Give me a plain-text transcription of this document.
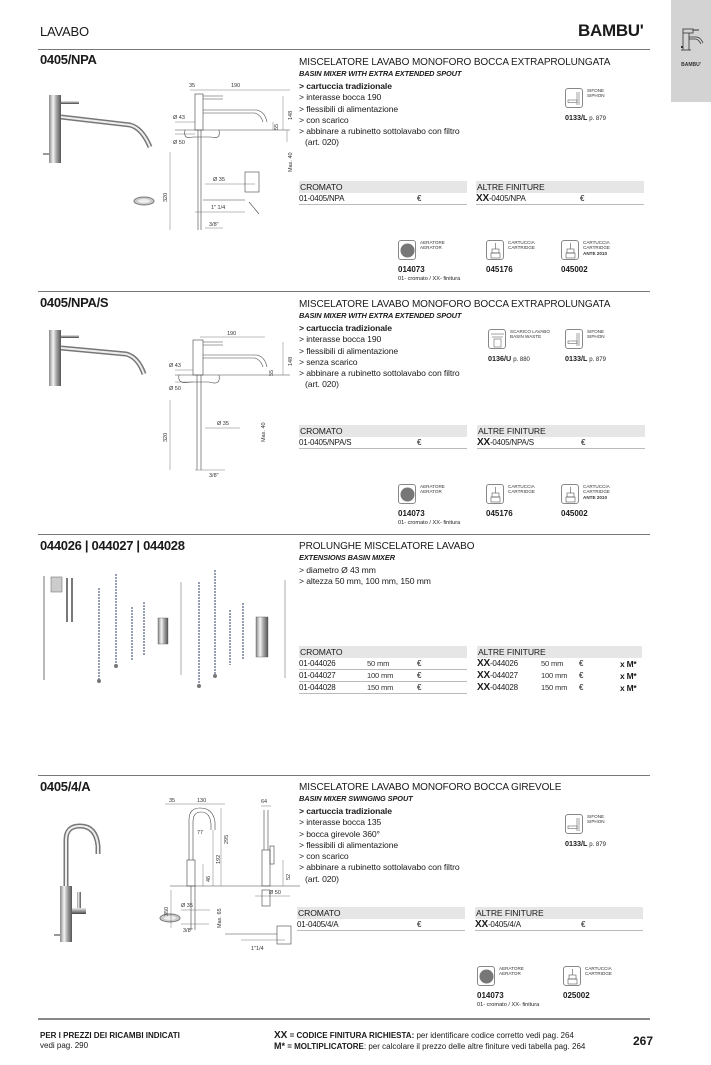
LAVABO	BAMBU'
BAMBU'
0405/NPA
35	190
Ø 43	148
Ø 50
55
320
Max. 40
Ø 35
1" 1/4
3/8"
MISCELATORE LAVABO MONOFORO BOCCA EXTRAPROLUNGATA
BASIN MIXER WITH EXTRA EXTENDED SPOUT
> cartuccia tradizionale
> interasse bocca 190
> flessibili di alimentazione
> con scarico
> abbinare a rubinetto sottolavabo con filtro
(art. 020)
SIFONE
SIPHON
0133/L p. 879
CROMATO
01-0405/NPA	€
ALTRE FINITURE
XX-0405/NPA	€
AERATORE
AERATOR
014073
01- cromato / XX- finitura
CARTUCCIA
CARTRIDGE
045176
CARTUCCIA
CARTRIDGE
ANTE 2010
045002
0405/NPA/S
190
Ø 43	148
Ø 50
55
320	Max. 40
Ø 35
3/8"
MISCELATORE LAVABO MONOFORO BOCCA EXTRAPROLUNGATA
BASIN MIXER WITH EXTRA EXTENDED SPOUT
> cartuccia tradizionale
> interasse bocca 190
> flessibili di alimentazione
> senza scarico
> abbinare a rubinetto sottolavabo con filtro
(art. 020)
SCARICO LAVABO
BASIN WASTE
0136/U p. 880
SIFONE
SIPHON
0133/L p. 879
CROMATO
01-0405/NPA/S	€
ALTRE FINITURE
XX-0405/NPA/S	€
AERATORE
AERATOR
014073
01- cromato / XX- finitura
CARTUCCIA
CARTRIDGE
045176
CARTUCCIA
CARTRIDGE
ANTE 2010
045002
044026 | 044027 | 044028	PROLUNGHE MISCELATORE LAVABO
EXTENSIONS BASIN MIXER
> diametro Ø 43 mm
> altezza 50 mm, 100 mm, 150 mm
CROMATO
01-044026	50 mm	€
01-044027	100 mm	€
01-044028	150 mm	€
ALTRE FINITURE
XX-044026	50 mm €	x M*
XX-044027	100 mm €	x M*
XX-044028	150 mm €	x M*
0405/4/A
35	130
77
295
192
46
64
52
350
Ø 35
Ø 50
Max. 65
3/8"
1"1/4
MISCELATORE LAVABO MONOFORO BOCCA GIREVOLE
BASIN MIXER SWINGING SPOUT
> cartuccia tradizionale
> interasse bocca 135
> bocca girevole 360°
> flessibili di alimentazione
> con scarico
> abbinare a rubinetto sottolavabo con filtro
(art. 020)
SIFONE
SIPHON
0133/L p. 879
CROMATO
01-0405/4/A	€
ALTRE FINITURE
XX-0405/4/A	€
AERATORE
AERATOR
014073
01- cromato / XX- finitura
CARTUCCIA
CARTRIDGE
025002
PER I PREZZI DEI RICAMBI INDICATI
vedi pag. 290
XX = CODICE FINITURA RICHIESTA: per identificare codice corretto vedi pag. 264
M* = MOLTIPLICATORE: per calcolare il prezzo delle altre finiture vedi tabella pag. 264	267
